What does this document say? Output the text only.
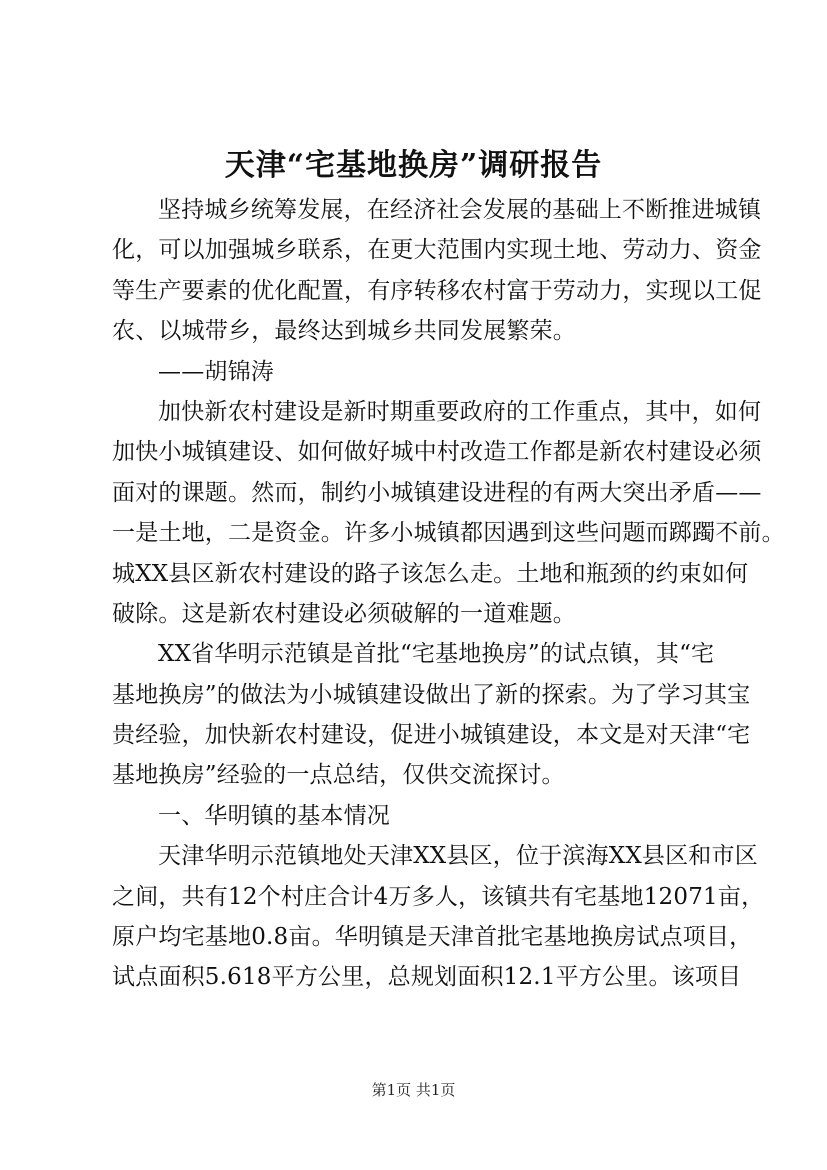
天津“宅基地换房”调研报告

坚持城乡统筹发展，在经济社会发展的基础上不断推进城镇
化，可以加强城乡联系，在更大范围内实现土地、劳动力、资金
等生产要素的优化配置，有序转移农村富于劳动力，实现以工促
农、以城带乡，最终达到城乡共同发展繁荣。

——胡锦涛

加快新农村建设是新时期重要政府的工作重点，其中，如何
加快小城镇建设、如何做好城中村改造工作都是新农村建设必须
面对的课题。然而，制约小城镇建设进程的有两大突出矛盾——
一是土地，二是资金。许多小城镇都因遇到这些问题而踯躅不前。
城XX县区新农村建设的路子该怎么走。土地和瓶颈的约束如何
破除。这是新农村建设必须破解的一道难题。

XX省华明示范镇是首批“宅基地换房”的试点镇，其“宅
基地换房”的做法为小城镇建设做出了新的探索。为了学习其宝
贵经验，加快新农村建设，促进小城镇建设，本文是对天津“宅
基地换房”经验的一点总结，仅供交流探讨。

一、华明镇的基本情况

天津华明示范镇地处天津XX县区，位于滨海XX县区和市区
之间，共有12个村庄合计4万多人，该镇共有宅基地12071亩，
原户均宅基地0.8亩。华明镇是天津首批宅基地换房试点项目，
试点面积5.618平方公里，总规划面积12.1平方公里。该项目

第1页 共1页
